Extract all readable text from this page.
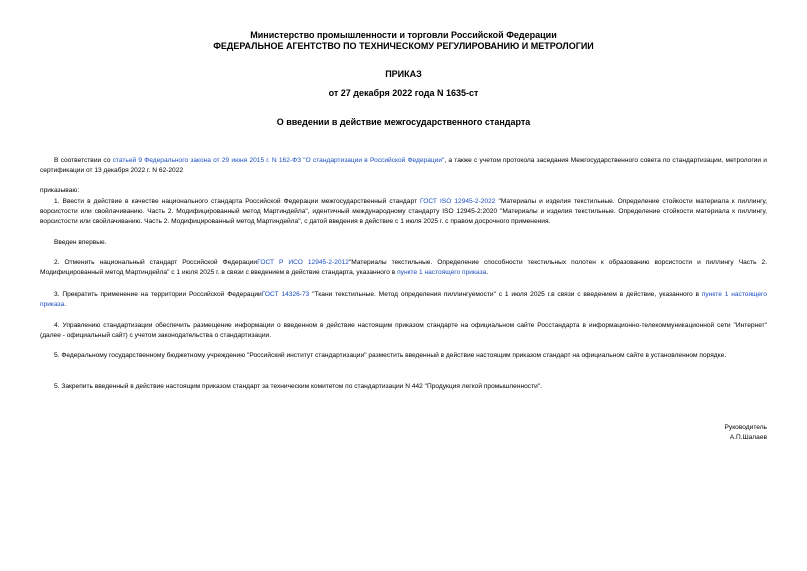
Министерство промышленности и торговли Российской Федерации
ФЕДЕРАЛЬНОЕ АГЕНТСТВО ПО ТЕХНИЧЕСКОМУ РЕГУЛИРОВАНИЮ И МЕТРОЛОГИИ
ПРИКАЗ
от 27 декабря 2022 года N 1635-ст
О введении в действие межгосударственного стандарта
В соответствии со статьей 9 Федерального закона от 29 июня 2015 г. N 162-ФЗ "О стандартизации в Российской Федерации", а также с учетом протокола заседания Межгосударственного совета по стандартизации, метрологии и сертификации от 13 декабря 2022 г. N 62-2022
приказываю:
1. Ввести в действие в качестве национального стандарта Российской Федерации межгосударственный стандарт ГОСТ ISO 12945-2-2022 "Материалы и изделия текстильные. Определение стойкости материала к пиллингу, ворсистости или свойлачиванию. Часть 2. Модифицированный метод Мартиндейла", идентичный международному стандарту ISO 12945-2:2020 "Материалы и изделия текстильные. Определение стойкости материала к пиллингу, ворсистости или свойлачиванию. Часть 2. Модифицированный метод Мартиндейла", с датой введения в действие с 1 июля 2025 г. с правом досрочного применения.
Введен впервые.
2. Отменить национальный стандарт Российской ФедерацииГОСТ Р ИСО 12945-2-2012"Материалы текстильные. Определение способности текстильных полотен к образованию ворсистости и пиллингу Часть 2. Модифицированный метод Мартиндейла" с 1 июля 2025 г. в связи с введением в действие стандарта, указанного в пункте 1 настоящего приказа.
3. Прекратить применение на территории Российской ФедерацииГОСТ 14326-73 "Ткани текстильные. Метод определения пиллингуемости" с 1 июля 2025 г.в связи с введением в действие, указанного в пункте 1 настоящего приказа.
4. Управлению стандартизации обеспечить размещение информации о введенном в действие настоящим приказом стандарте на официальном сайте Росстандарта в информационно-телекоммуникационной сети "Интернет" (далее - официальный сайт) с учетом законодательства о стандартизации.
5. Федеральному государственному бюджетному учреждению "Российский институт стандартизации" разместить введенный в действие настоящим приказом стандарт на официальном сайте в установленном порядке.
5. Закрепить введенный в действие настоящим приказом стандарт за техническим комитетом по стандартизации N 442 "Продукция легкой промышленности".
Руководитель
А.П.Шалаев
